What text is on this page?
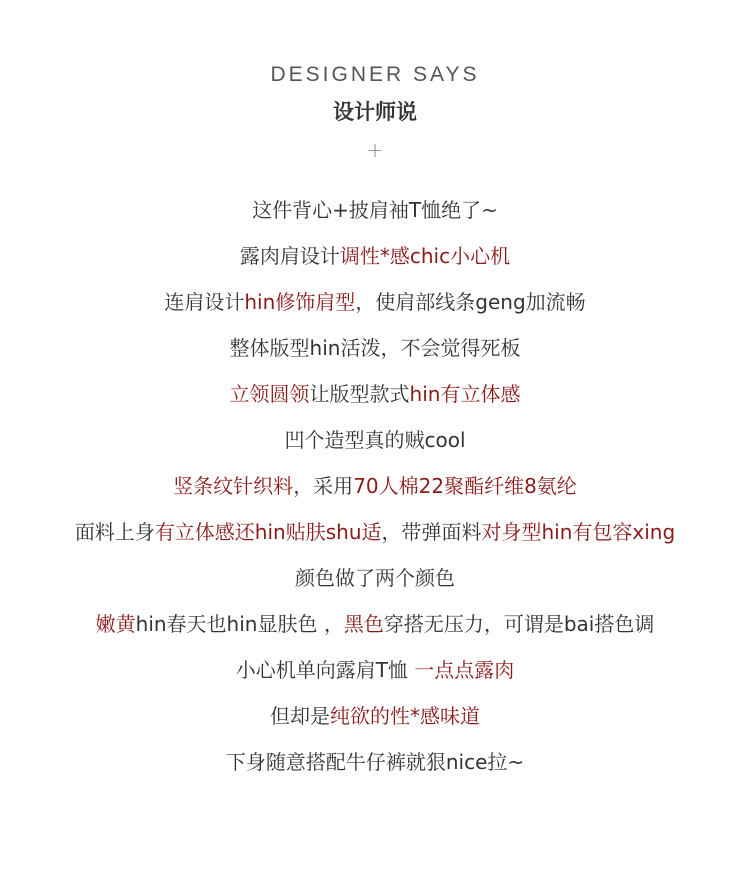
DESIGNER SAYS

设计师说
+
这件背心+披肩袖T恤绝了~
露肉肩设计调性*感chic小心机
连肩设计hin修饰肩型，使肩部线条geng加流畅
整体版型hin活泼，不会觉得死板
立领圆领让版型款式hin有立体感
凹个造型真的贼cool
竖条纹针织料，采用70人棉22聚酯纤维8氨纶
面料上身有立体感还hin贴肤shu适，带弹面料对身型hin有包容xing
颜色做了两个颜色
嫩黄hin春天也hin显肤色 ，黑色穿搭无压力，可谓是bai搭色调
小心机单向露肩T恤 一点点露肉
但却是纯欲的性*感味道
下身随意搭配牛仔裤就狠nice拉~
